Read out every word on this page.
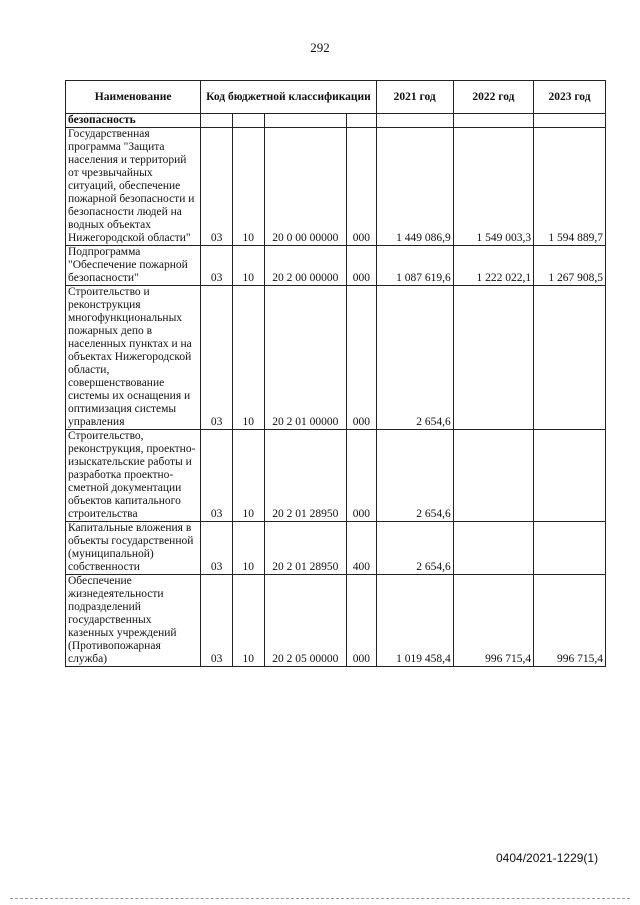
292
Наименование	Код бюджетной классификации				2021 год	2022 год	2023 год
безопасность							
Государственная программа "Защита населения и территорий от чрезвычайных ситуаций, обеспечение пожарной безопасности и безопасности людей на водных объектах Нижегородской области"	03	10	20 0 00 00000	000	1 449 086,9	1 549 003,3	1 594 889,7
Подпрограмма "Обеспечение пожарной безопасности"	03	10	20 2 00 00000	000	1 087 619,6	1 222 022,1	1 267 908,5
Строительство и реконструкция многофункциональных пожарных депо в населенных пунктах и на объектах Нижегородской области, совершенствование системы их оснащения и оптимизация системы управления	03	10	20 2 01 00000	000	2 654,6		
Строительство, реконструкция, проектно-изыскательские работы и разработка проектно-сметной документации объектов капитального строительства	03	10	20 2 01 28950	000	2 654,6		
Капитальные вложения в объекты государственной (муниципальной) собственности	03	10	20 2 01 28950	400	2 654,6		
Обеспечение жизнедеятельности подразделений государственных казенных учреждений (Противопожарная служба)	03	10	20 2 05 00000	000	1 019 458,4	996 715,4	996 715,4
0404/2021-1229(1)
